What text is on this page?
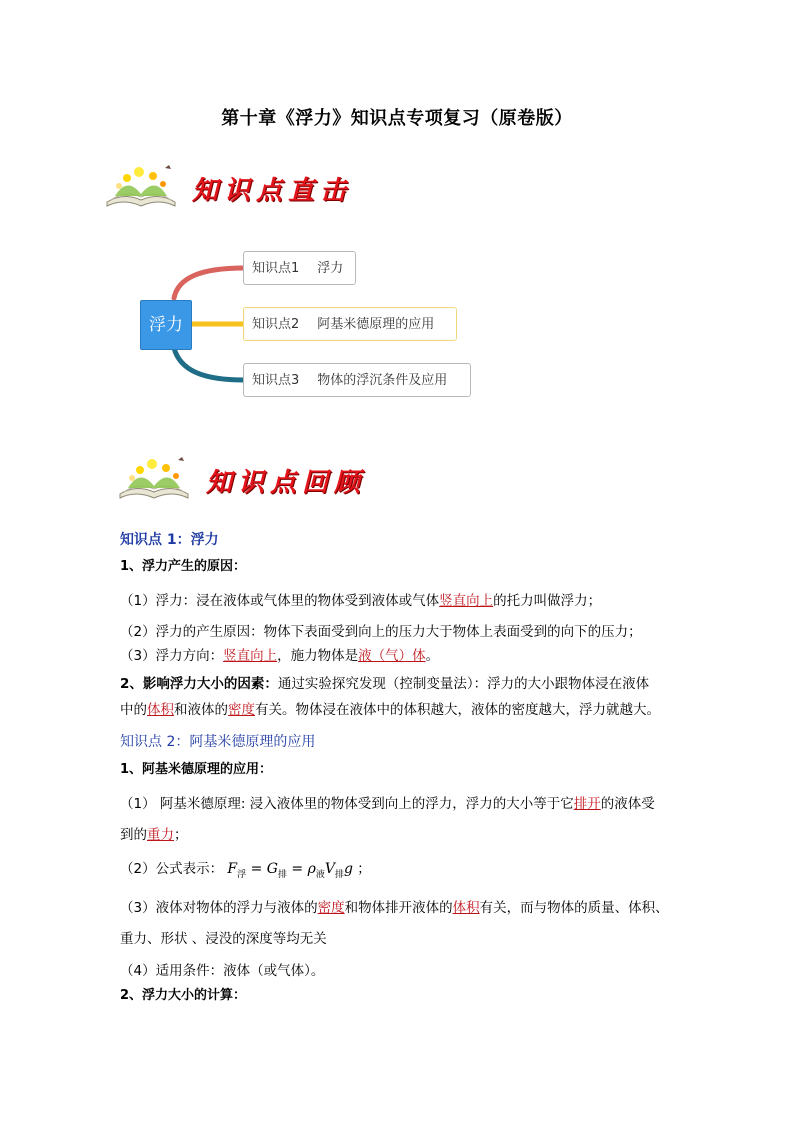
第十章《浮力》知识点专项复习（原卷版）
知识点直击
浮力
知识点1 浮力
知识点2 阿基米德原理的应用
知识点3 物体的浮沉条件及应用
知识点回顾
知识点 1：浮力
1、浮力产生的原因：
（1）浮力：浸在液体或气体里的物体受到液体或气体竖直向上的托力叫做浮力；
（2）浮力的产生原因：物体下表面受到向上的压力大于物体上表面受到的向下的压力；
（3）浮力方向：竖直向上，施力物体是液（气）体。
2、影响浮力大小的因素：通过实验探究发现（控制变量法）：浮力的大小跟物体浸在液体
中的体积和液体的密度有关。物体浸在液体中的体积越大，液体的密度越大，浮力就越大。
知识点 2：阿基米德原理的应用
1、阿基米德原理的应用：
（1） 阿基米德原理: 浸入液体里的物体受到向上的浮力，浮力的大小等于它排开的液体受
到的重力；
（2）公式表示： $F_浮 = G_排 = \rho_液V_排g$ ；
（3）液体对物体的浮力与液体的密度和物体排开液体的体积有关，而与物体的质量、体积、
重力、形状 、浸没的深度等均无关
（4）适用条件：液体（或气体）。
2、浮力大小的计算：
